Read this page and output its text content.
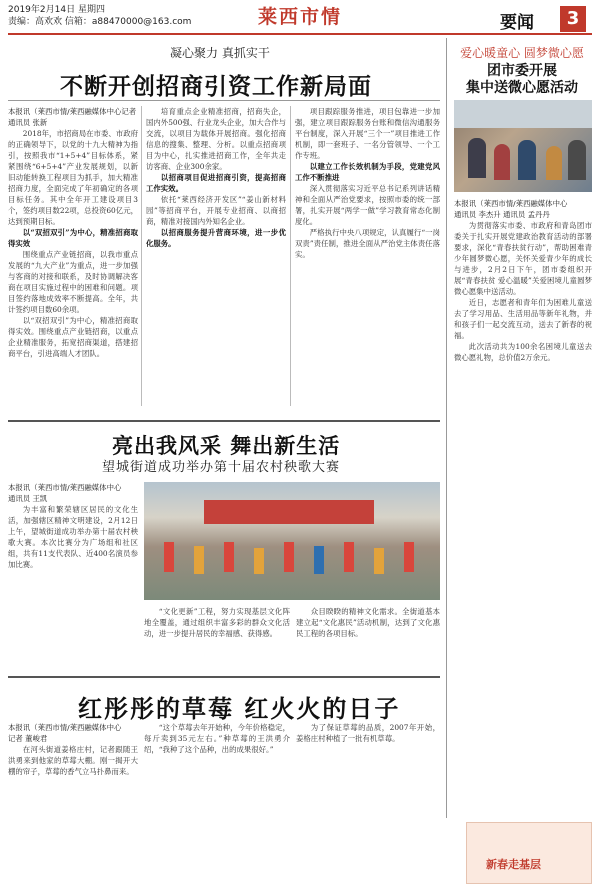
2019年2月14日 星期四
责编：高欢欢 信箱：a88470000@163.com	莱西市情	要闻	3
凝心聚力 真抓实干
不断开创招商引资工作新局面
本报讯（莱西市情/莱西融媒体中心记者
通讯员 张新

2018年，市招商局在市委、市政府的正确领导下，以党的十九大精神为指引，按照我市“1+5+4”目标体系，紧紧围绕“6+5+4”产业发展规划，以新旧动能转换工程项目为抓手，加大精准招商力度，全面完成了年初确定的各项目标任务。其中全年开工建设项目3个，签约项目数22项，总投资60亿元，达到预期目标。

以“双招双引”为中心，精准招商取得实效

围绕重点产业链招商，以我市重点发展的“九大产业”为重点，进一步加强与客商的对接和联系，及时协调解决客商在项目实施过程中的困难和问题。项目签约落地成效率不断提高。全年，共计签约项目数60余项。

以“双招双引”为中心，精准招商取得实效。围绕重点产业链招商，以重点企业精准服务，拓宽招商渠道，搭建招商平台，引进高端人才团队。

培育重点企业精准招商，招商失企，国内外500强、行业龙头企业，加大合作与交流，以项目为载体开展招商。强化招商信息的搜集、整理、分析。以重点招商项目为中心，扎实推进招商工作，全年共走访客商、企业300余家。

以招商项目促进招商引资，提高招商工作实效。

依托“莱西经济开发区”“姜山新材料园”等招商平台，开展专业招商、以商招商，精准对接国内外知名企业。

以招商服务提升营商环境，进一步优化服务。

项目跟踪服务推进，项目包靠进一步加强，建立项目跟踪服务台账和微信沟通服务平台制度，深入开展“三个一”项目推进工作机制，即一套班子、一名分管领导、一个工作专班。

以建立工作长效机制为手段，党建党风工作不断推进

深入贯彻落实习近平总书记系列讲话精神和全面从严治党要求，按照市委的统一部署，扎实开展“两学一做”学习教育常态化制度化。

严格执行中央八项规定，认真履行“一岗双责”责任制，推进全面从严治党主体责任落实。

爱心暖童心 圆梦微心愿
团市委开展
集中送微心愿活动
本报讯（莱西市情/莱西融媒体中心
通讯员 李杰升 通讯员 孟丹丹

为贯彻落实市委、市政府和青岛团市委关于扎实开展党建政治教育活动的部署要求，深化“青春扶贫行动”，帮助困难青少年圆梦微心愿，关怀关爱青少年的成长与进步，2月2日下午，团市委组织开展“青春扶贫 爱心温暖”关爱困境儿童圆梦微心愿集中送活动。

近日，志愿者和青年们为困难儿童送去了学习用品、生活用品等新年礼物，并和孩子们一起交流互动，送去了新春的祝福。

此次活动共为100余名困境儿童送去微心愿礼物，总价值2万余元。

亮出我风采 舞出新生活
望城街道成功举办第十届农村秧歌大赛
本报讯（莱西市情/莱西融媒体中心
通讯员 王凯

为丰富和繁荣辖区居民的文化生活，加强辖区精神文明建设，2月12日上午，望城街道成功举办第十届农村秧歌大赛。本次比赛分为广场组和社区组，共有11支代表队、近400名演员参加比赛。

“文化更新”工程，努力实现基层文化阵地全覆盖，通过组织丰富多彩的群众文化活动，进一步提升居民的幸福感、获得感。

众目睽睽的精神文化需求。全街道基本建立起“文化惠民”活动机制，达到了文化惠民工程的各项目标。

红彤彤的草莓 红火火的日子
本报讯（莱西市情/莱西融媒体中心
记者 董峻君

在河头街道姜格庄村，记者跟随王洪勇来到他家的草莓大棚。刚一揭开大棚的帘子，草莓的香气立马扑鼻而来。

“这个草莓去年开始种，今年价格稳定，每斤卖到35元左右。”种草莓的王洪勇介绍，“我种了这个品种，出的成果很好。”

为了保证草莓的品质，2007年开始，姜格庄村种植了一批有机草莓。

新春走基层
